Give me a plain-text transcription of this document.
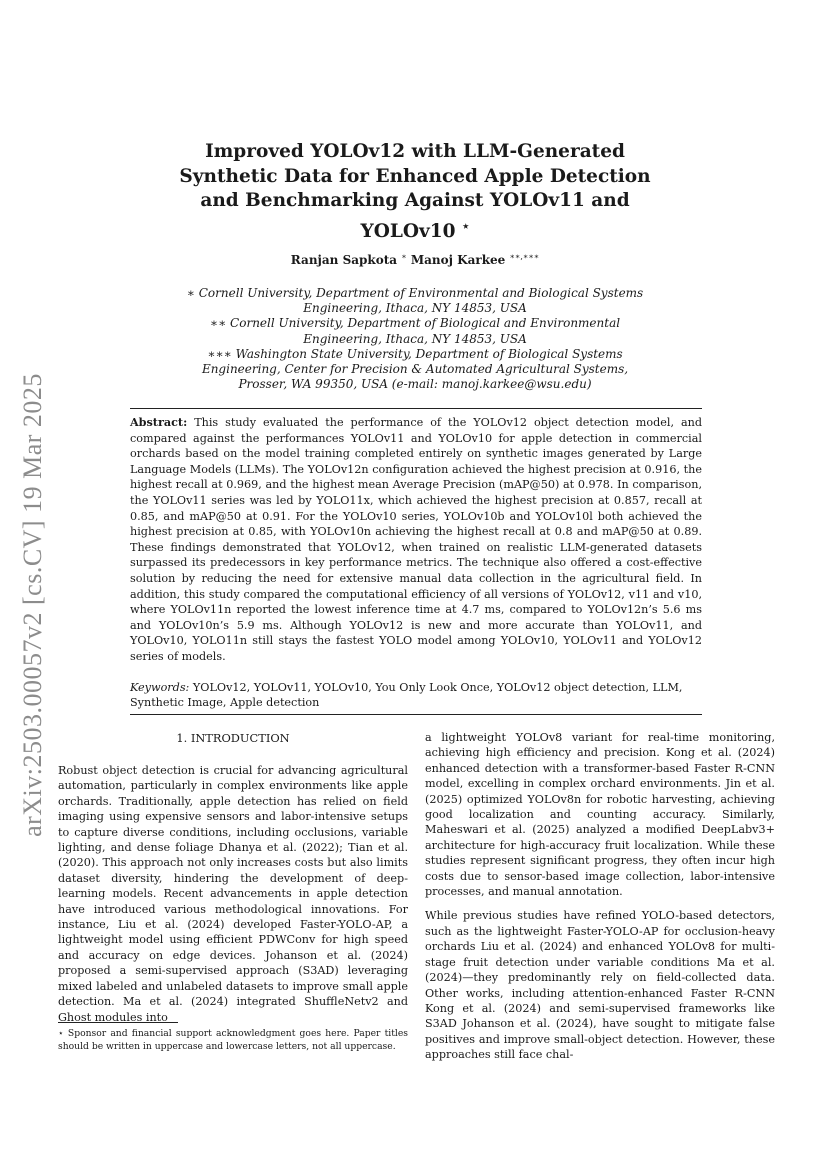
arXiv:2503.00057v2 [cs.CV] 19 Mar 2025
Improved YOLOv12 with LLM-Generated Synthetic Data for Enhanced Apple Detection and Benchmarking Against YOLOv11 and YOLOv10 ⋆
Ranjan Sapkota ∗ Manoj Karkee ∗∗,∗∗∗

∗ Cornell University, Department of Environmental and Biological Systems Engineering, Ithaca, NY 14853, USA

∗∗ Cornell University, Department of Biological and Environmental Engineering, Ithaca, NY 14853, USA

∗∗∗ Washington State University, Department of Biological Systems Engineering, Center for Precision & Automated Agricultural Systems, Prosser, WA 99350, USA (e-mail: manoj.karkee@wsu.edu)

Abstract: This study evaluated the performance of the YOLOv12 object detection model, and compared against the performances YOLOv11 and YOLOv10 for apple detection in commercial orchards based on the model training completed entirely on synthetic images generated by Large Language Models (LLMs). The YOLOv12n configuration achieved the highest precision at 0.916, the highest recall at 0.969, and the highest mean Average Precision (mAP@50) at 0.978. In comparison, the YOLOv11 series was led by YOLO11x, which achieved the highest precision at 0.857, recall at 0.85, and mAP@50 at 0.91. For the YOLOv10 series, YOLOv10b and YOLOv10l both achieved the highest precision at 0.85, with YOLOv10n achieving the highest recall at 0.8 and mAP@50 at 0.89. These findings demonstrated that YOLOv12, when trained on realistic LLM-generated datasets surpassed its predecessors in key performance metrics. The technique also offered a cost-effective solution by reducing the need for extensive manual data collection in the agricultural field. In addition, this study compared the computational efficiency of all versions of YOLOv12, v11 and v10, where YOLOv11n reported the lowest inference time at 4.7 ms, compared to YOLOv12n’s 5.6 ms and YOLOv10n’s 5.9 ms. Although YOLOv12 is new and more accurate than YOLOv11, and YOLOv10, YOLO11n still stays the fastest YOLO model among YOLOv10, YOLOv11 and YOLOv12 series of models.

Keywords: YOLOv12, YOLOv11, YOLOv10, You Only Look Once, YOLOv12 object detection, LLM, Synthetic Image, Apple detection

1. INTRODUCTION

Robust object detection is crucial for advancing agricultural automation, particularly in complex environments like apple orchards. Traditionally, apple detection has relied on field imaging using expensive sensors and labor-intensive setups to capture diverse conditions, including occlusions, variable lighting, and dense foliage Dhanya et al. (2022); Tian et al. (2020). This approach not only increases costs but also limits dataset diversity, hindering the development of deep-learning models. Recent advancements in apple detection have introduced various methodological innovations. For instance, Liu et al. (2024) developed Faster-YOLO-AP, a lightweight model using efficient PDWConv for high speed and accuracy on edge devices. Johanson et al. (2024) proposed a semi-supervised approach (S3AD) leveraging mixed labeled and unlabeled datasets to improve small apple detection. Ma et al. (2024) integrated ShuffleNetv2 and Ghost modules into

a lightweight YOLOv8 variant for real-time monitoring, achieving high efficiency and precision. Kong et al. (2024) enhanced detection with a transformer-based Faster R-CNN model, excelling in complex orchard environments. Jin et al. (2025) optimized YOLOv8n for robotic harvesting, achieving good localization and counting accuracy. Similarly, Maheswari et al. (2025) analyzed a modified DeepLabv3+ architecture for high-accuracy fruit localization. While these studies represent significant progress, they often incur high costs due to sensor-based image collection, labor-intensive processes, and manual annotation.

While previous studies have refined YOLO-based detectors, such as the lightweight Faster-YOLO-AP for occlusion-heavy orchards Liu et al. (2024) and enhanced YOLOv8 for multi-stage fruit detection under variable conditions Ma et al. (2024)—they predominantly rely on field-collected data. Other works, including attention-enhanced Faster R-CNN Kong et al. (2024) and semi-supervised frameworks like S3AD Johanson et al. (2024), have sought to mitigate false positives and improve small-object detection. However, these approaches still face chal-

⋆ Sponsor and financial support acknowledgment goes here. Paper titles should be written in uppercase and lowercase letters, not all uppercase.
